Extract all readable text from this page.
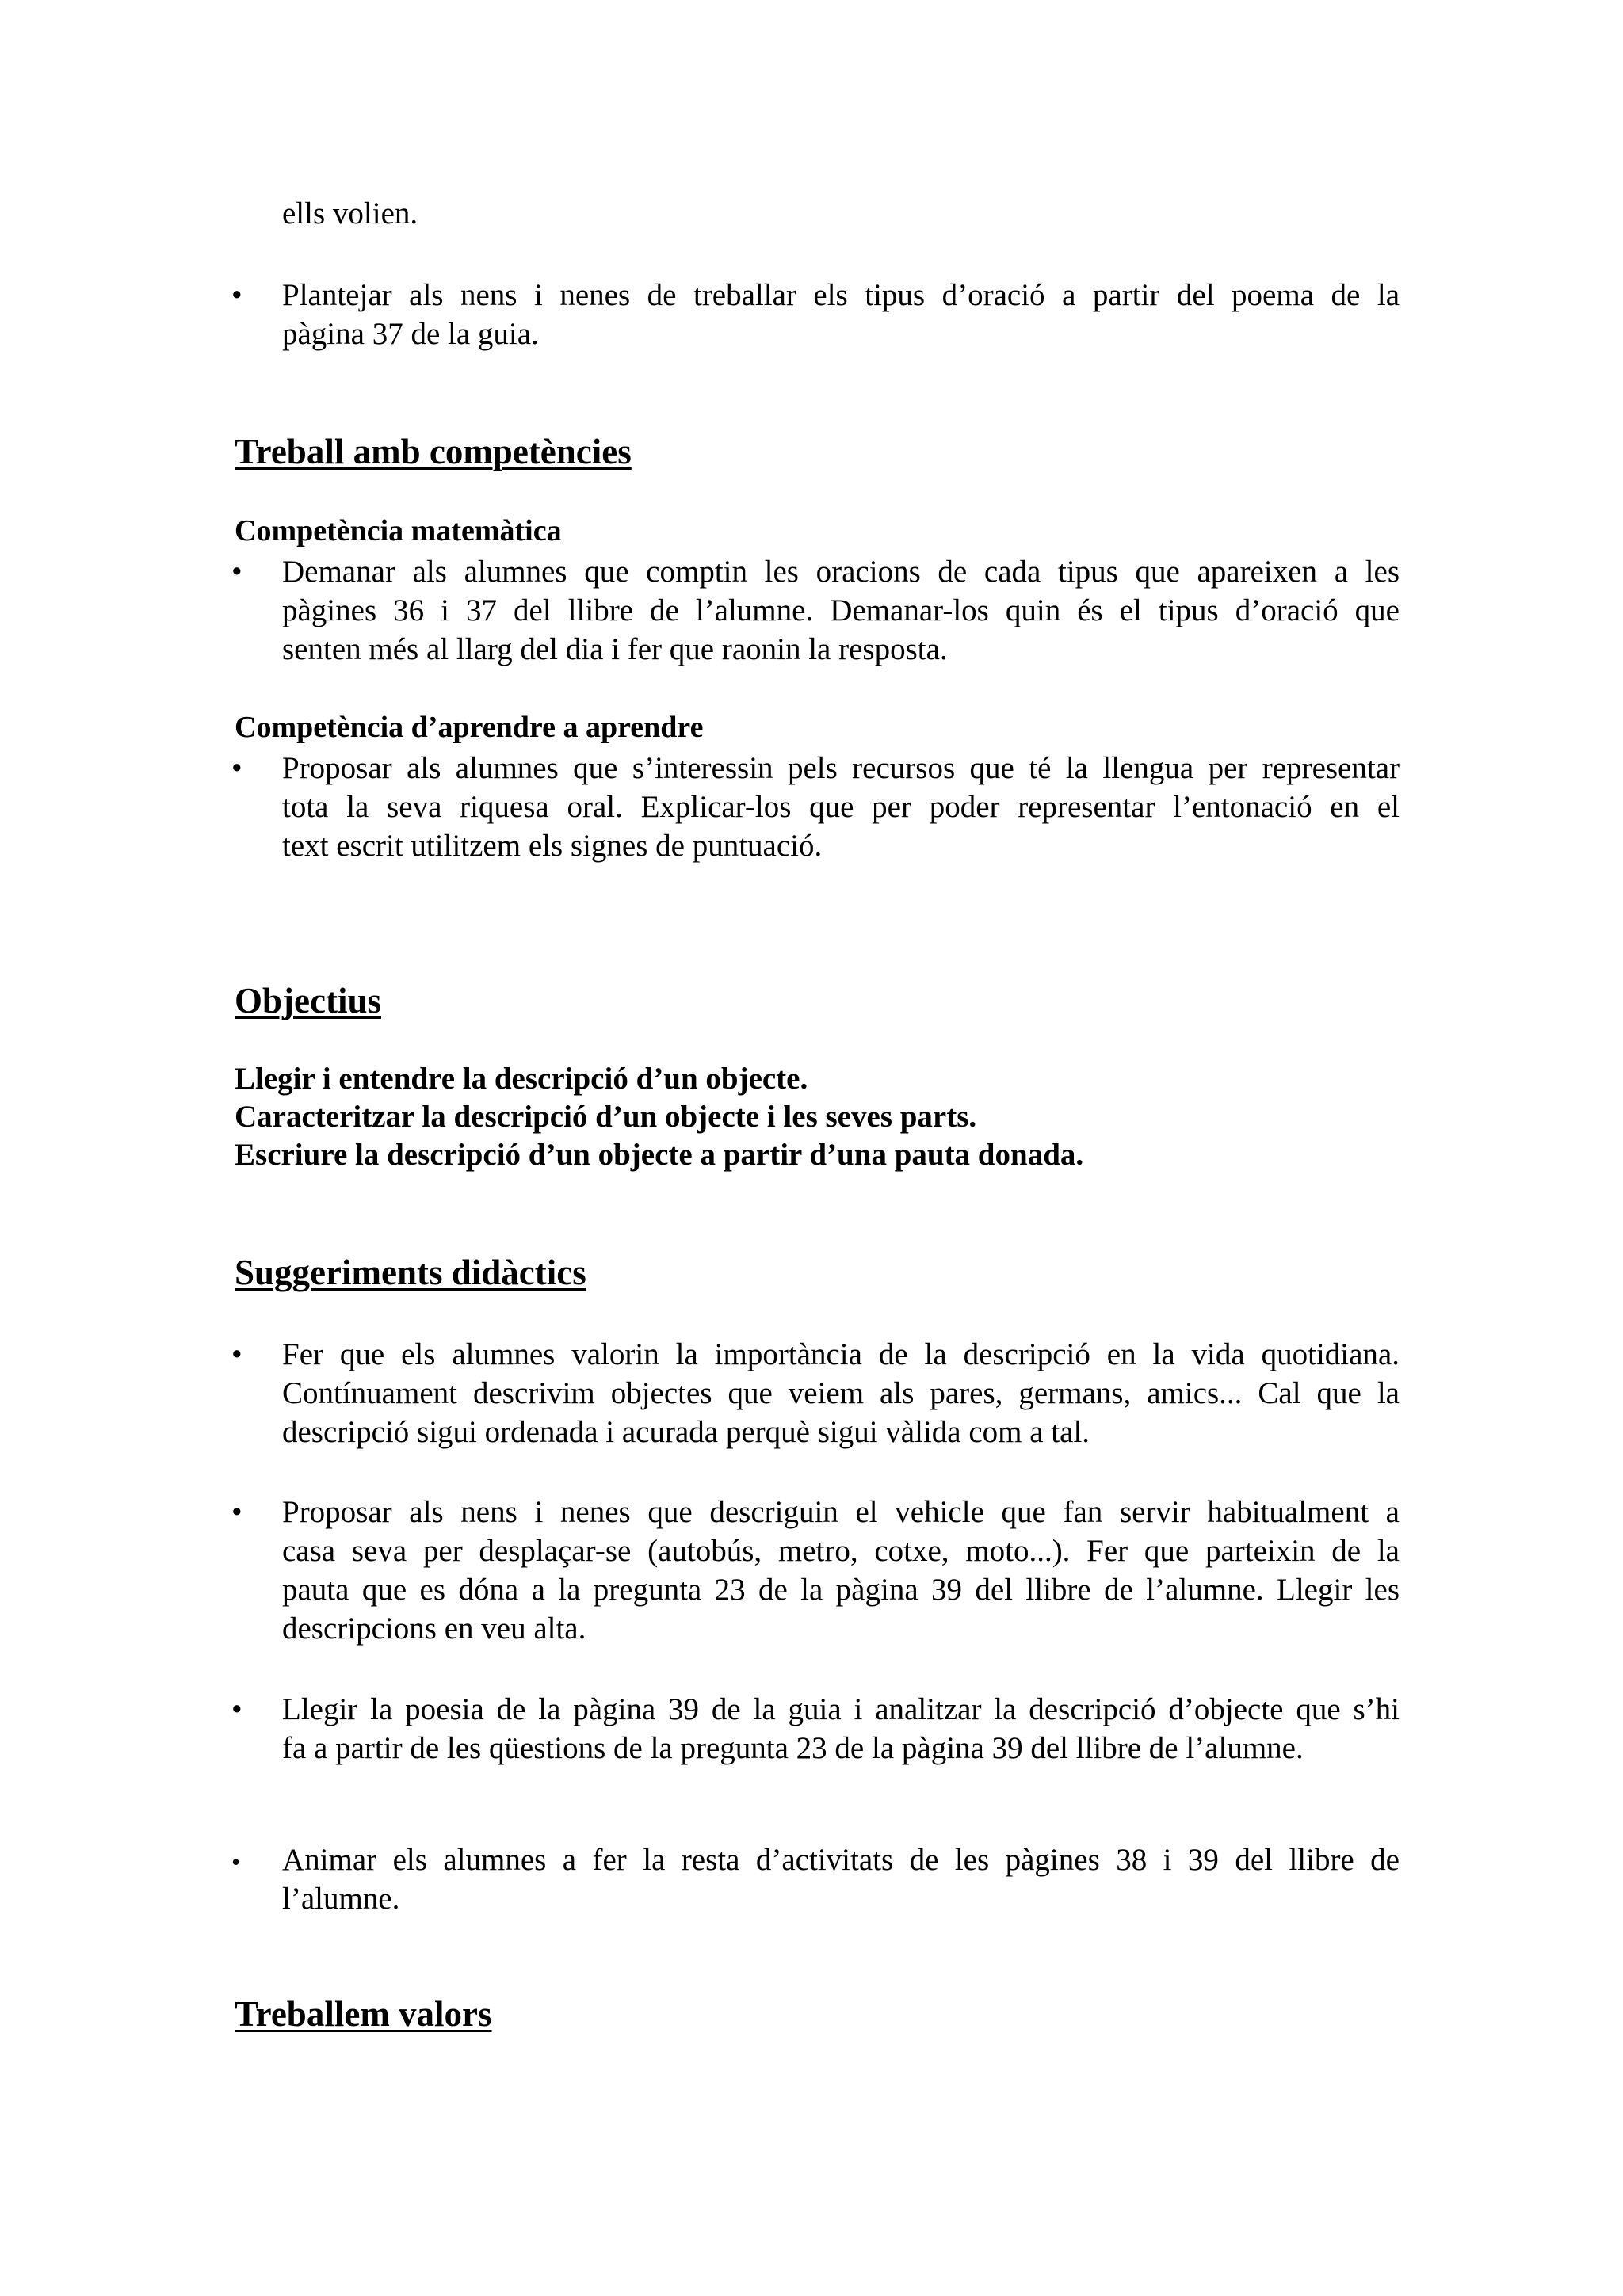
ells volien.
• Plantejar als nens i nenes de treballar els tipus d’oració a partir del poema de la
pàgina 37 de la guia.
Treball amb competències
Competència matemàtica
• Demanar als alumnes que comptin les oracions de cada tipus que apareixen a les
pàgines 36 i 37 del llibre de l’alumne. Demanar-los quin és el tipus d’oració que
senten més al llarg del dia i fer que raonin la resposta.
Competència d’aprendre a aprendre
• Proposar als alumnes que s’interessin pels recursos que té la llengua per representar
tota la seva riquesa oral. Explicar-los que per poder representar l’entonació en el
text escrit utilitzem els signes de puntuació.
Objectius
Llegir i entendre la descripció d’un objecte.
Caracteritzar la descripció d’un objecte i les seves parts.
Escriure la descripció d’un objecte a partir d’una pauta donada.
Suggeriments didàctics
• Fer que els alumnes valorin la importància de la descripció en la vida quotidiana.
Contínuament descrivim objectes que veiem als pares, germans, amics... Cal que la
descripció sigui ordenada i acurada perquè sigui vàlida com a tal.
• Proposar als nens i nenes que descriguin el vehicle que fan servir habitualment a
casa seva per desplaçar-se (autobús, metro, cotxe, moto...). Fer que parteixin de la
pauta que es dóna a la pregunta 23 de la pàgina 39 del llibre de l’alumne. Llegir les
descripcions en veu alta.
• Llegir la poesia de la pàgina 39 de la guia i analitzar la descripció d’objecte que s’hi
fa a partir de les qüestions de la pregunta 23 de la pàgina 39 del llibre de l’alumne.
• Animar els alumnes a fer la resta d’activitats de les pàgines 38 i 39 del llibre de
l’alumne.
Treballem valors
